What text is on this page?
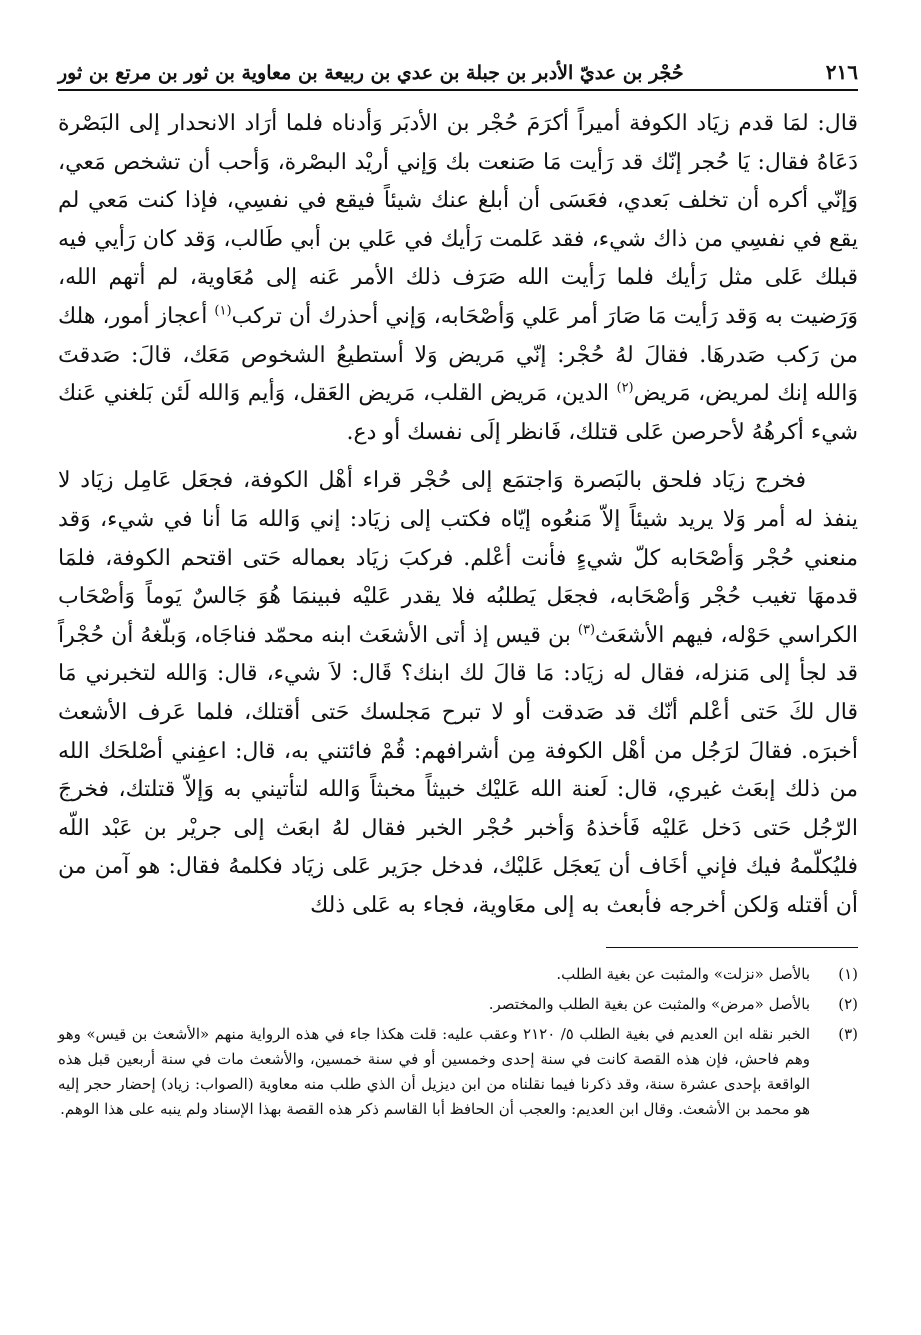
٢١٦
حُجْر بن عديّ الأدبر بن جبلة بن عدي بن ربيعة بن معاوية بن ثور بن مرتع بن ثور

قال: لمَا قدم زيَاد الكوفة أميراً أكرَمَ حُجْر بن الأدبَر وَأدناه فلما أرَاد الانحدار إلى البَصْرة دَعَاهُ فقال: يَا حُجر إنّك قد رَأيت مَا صَنعت بك وَإني أريْد البصْرة، وَأحب أن تشخص مَعي، وَإنّي أكره أن تخلف بَعدي، فعَسَى أن أبلغ عنك شيئاً فيقع في نفسِي، فإذا كنت مَعي لم يقع في نفسِي من ذاك شيء، فقد عَلمت رَأيك في عَلي بن أبي طَالب، وَقد كان رَأيي فيه قبلك عَلى مثل رَأيك فلما رَأيت الله صَرَف ذلك الأمر عَنه إلى مُعَاوية، لم أتهم الله، وَرَضيت به وَقد رَأيت مَا صَارَ أمر عَلي وَأصْحَابه، وَإني أحذرك أن تركب$^{(١)}$ أعجاز أمور، هلك من رَكب صَدرهَا. فقالَ لهُ حُجْر: إنّي مَريض وَلا أستطيعُ الشخوص مَعَك، قالَ: صَدقتَ وَالله إنك لمريض، مَريض$^{(٢)}$ الدين، مَريض القلب، مَريض العَقل، وَأيم وَالله لَئن بَلغني عَنك شيء أكرهُهُ لأحرصن عَلى قتلك، فَانظر إلَى نفسك أو دع.

فخرج زيَاد فلحق بالبَصرة وَاجتمَع إلى حُجْر قراء أهْل الكوفة، فجعَل عَامِل زيَاد لا ينفذ له أمر وَلا يريد شيئاً إلاّ مَنعُوه إيّاه فكتب إلى زيَاد: إني وَالله مَا أنا في شيء، وَقد منعني حُجْر وَأصْحَابه كلّ شيءٍ فأنت أعْلم. فركبَ زيَاد بعماله حَتى اقتحم الكوفة، فلمَا قدمهَا تغيب حُجْر وَأصْحَابه، فجعَل يَطلبُه فلا يقدر عَليْه فبينمَا هُوَ جَالسٌ يَوماً وَأصْحَاب الكراسي حَوْله، فيهم الأشعَث$^{(٣)}$ بن قيس إذ أتى الأشعَث ابنه محمّد فناجَاه، وَبلّغهُ أن حُجْراً قد لجأ إلى مَنزله، فقال له زيَاد: مَا قالَ لك ابنك؟ قَال: لاَ شيء، قال: وَالله لتخبرني مَا قال لكَ حَتى أعْلم أنّك قد صَدقت أو لا تبرح مَجلسك حَتى أقتلك، فلما عَرف الأشعث أخبرَه. فقالَ لرَجُل من أهْل الكوفة مِن أشرافهم: قُمْ فائتني به، قال: اعفِني أصْلحَك الله من ذلك إبعَث غيري، قال: لَعنة الله عَليْك خبيثاً مخبثاً وَالله لتأتيني به وَإلاّ قتلتك، فخرجَ الرّجُل حَتى دَخل عَليْه فَأخذهُ وَأخبر حُجْر الخبر فقال لهُ ابعَث إلى جريْر بن عَبْد اللّه فليُكلّمهُ فيك فإني أخَاف أن يَعجَل عَليْك، فدخل جرَير عَلى زيَاد فكلمهُ فقال: هو آمن من أن أقتله وَلكن أخرجه فأبعث به إلى معَاوية، فجاء به عَلى ذلك

(١)
بالأصل «نزلت» والمثبت عن بغية الطلب.
(٢)
بالأصل «مرض» والمثبت عن بغية الطلب والمختصر.
(٣)
الخبر نقله ابن العديم في بغية الطلب ٥/ ٢١٢٠ وعقب عليه: قلت هكذا جاء في هذه الرواية منهم «الأشعث بن قيس» وهو وهم فاحش، فإن هذه القصة كانت في سنة إحدى وخمسين أو في سنة خمسين، والأشعث مات في سنة أربعين قبل هذه الواقعة بإحدى عشرة سنة، وقد ذكرنا فيما نقلناه من ابن ديزيل أن الذي طلب منه معاوية (الصواب: زياد) إحضار حجر إليه هو محمد بن الأشعث. وقال ابن العديم: والعجب أن الحافظ أبا القاسم ذكر هذه القصة بهذا الإسناد ولم ينبه على هذا الوهم.
